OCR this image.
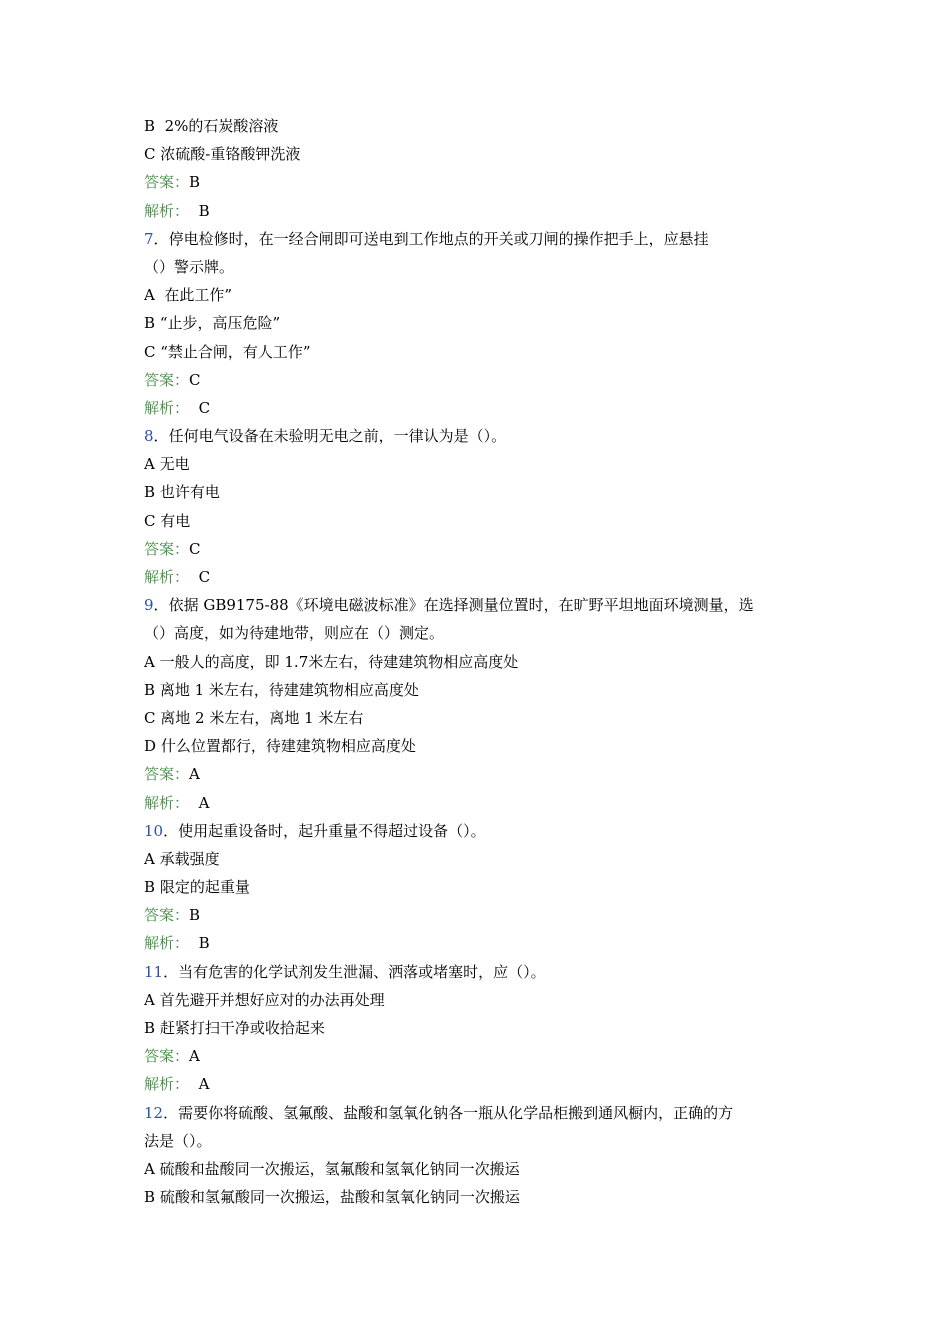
B  2%的石炭酸溶液
C 浓硫酸-重铬酸钾洗液
答案：B
解析： B
7．停电检修时，在一经合闸即可送电到工作地点的开关或刀闸的操作把手上，应悬挂
（）警示牌。
A 在此工作”
B “止步，高压危险”
C “禁止合闸，有人工作”
答案：C
解析： C
8．任何电气设备在未验明无电之前，一律认为是（）。
A 无电
B 也许有电
C 有电
答案：C
解析： C
9．依据 GB9175-88《环境电磁波标准》在选择测量位置时，在旷野平坦地面环境测量，选
（）高度，如为待建地带，则应在（）测定。
A 一般人的高度，即 1.7米左右，待建建筑物相应高度处
B 离地 1 米左右，待建建筑物相应高度处
C 离地 2 米左右，离地 1 米左右
D 什么位置都行，待建建筑物相应高度处
答案：A
解析： A
10．使用起重设备时，起升重量不得超过设备（）。
A 承载强度
B 限定的起重量
答案：B
解析： B
11．当有危害的化学试剂发生泄漏、洒落或堵塞时，应（）。
A 首先避开并想好应对的办法再处理
B 赶紧打扫干净或收拾起来
答案：A
解析： A
12．需要你将硫酸、氢氟酸、盐酸和氢氧化钠各一瓶从化学品柜搬到通风橱内，正确的方
法是（）。
A 硫酸和盐酸同一次搬运，氢氟酸和氢氧化钠同一次搬运
B 硫酸和氢氟酸同一次搬运，盐酸和氢氧化钠同一次搬运
